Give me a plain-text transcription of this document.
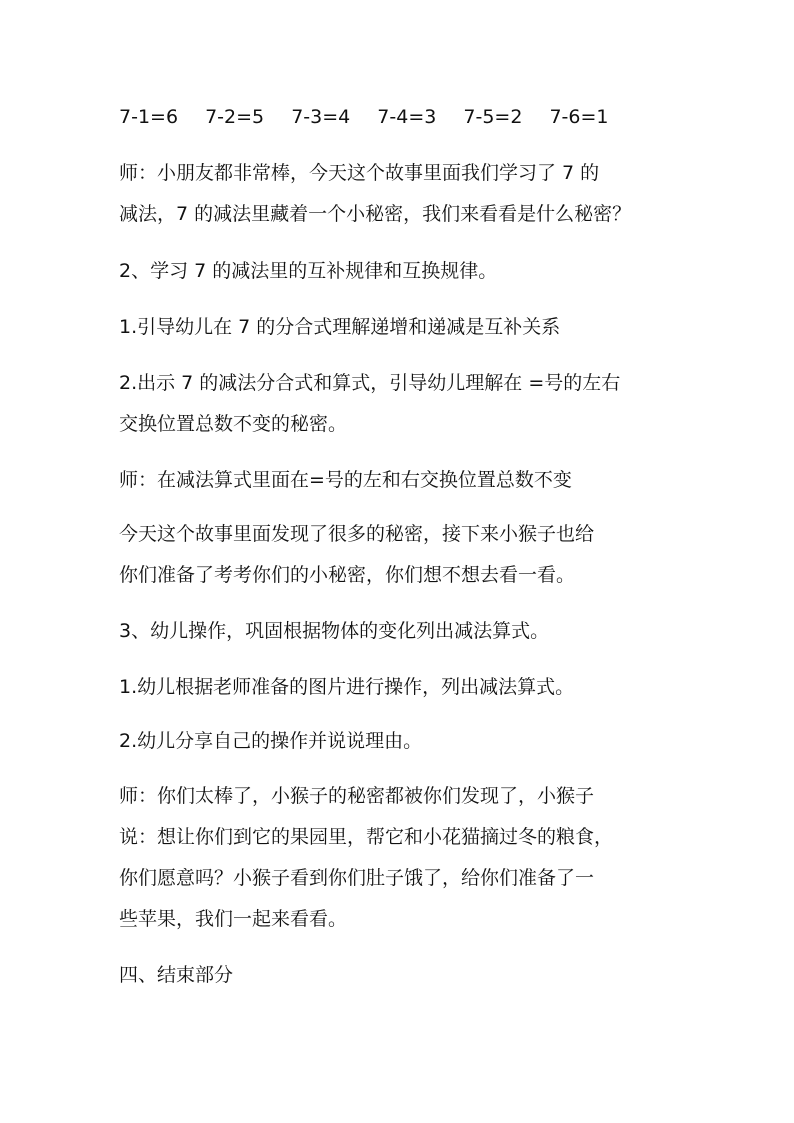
7-1=6 7-2=5 7-3=4 7-4=3 7-5=2 7-6=1
师：小朋友都非常棒，今天这个故事里面我们学习了 7 的
减法，7 的减法里藏着一个小秘密，我们来看看是什么秘密？
2、学习 7 的减法里的互补规律和互换规律。
1.引导幼儿在 7 的分合式理解递增和递减是互补关系
2.出示 7 的减法分合式和算式，引导幼儿理解在 =号的左右
交换位置总数不变的秘密。
师：在减法算式里面在=号的左和右交换位置总数不变
今天这个故事里面发现了很多的秘密，接下来小猴子也给
你们准备了考考你们的小秘密，你们想不想去看一看。
3、幼儿操作，巩固根据物体的变化列出减法算式。
1.幼儿根据老师准备的图片进行操作，列出减法算式。
2.幼儿分享自己的操作并说说理由。
师：你们太棒了，小猴子的秘密都被你们发现了，小猴子
说：想让你们到它的果园里，帮它和小花猫摘过冬的粮食，
你们愿意吗？小猴子看到你们肚子饿了，给你们准备了一
些苹果，我们一起来看看。
四、结束部分
